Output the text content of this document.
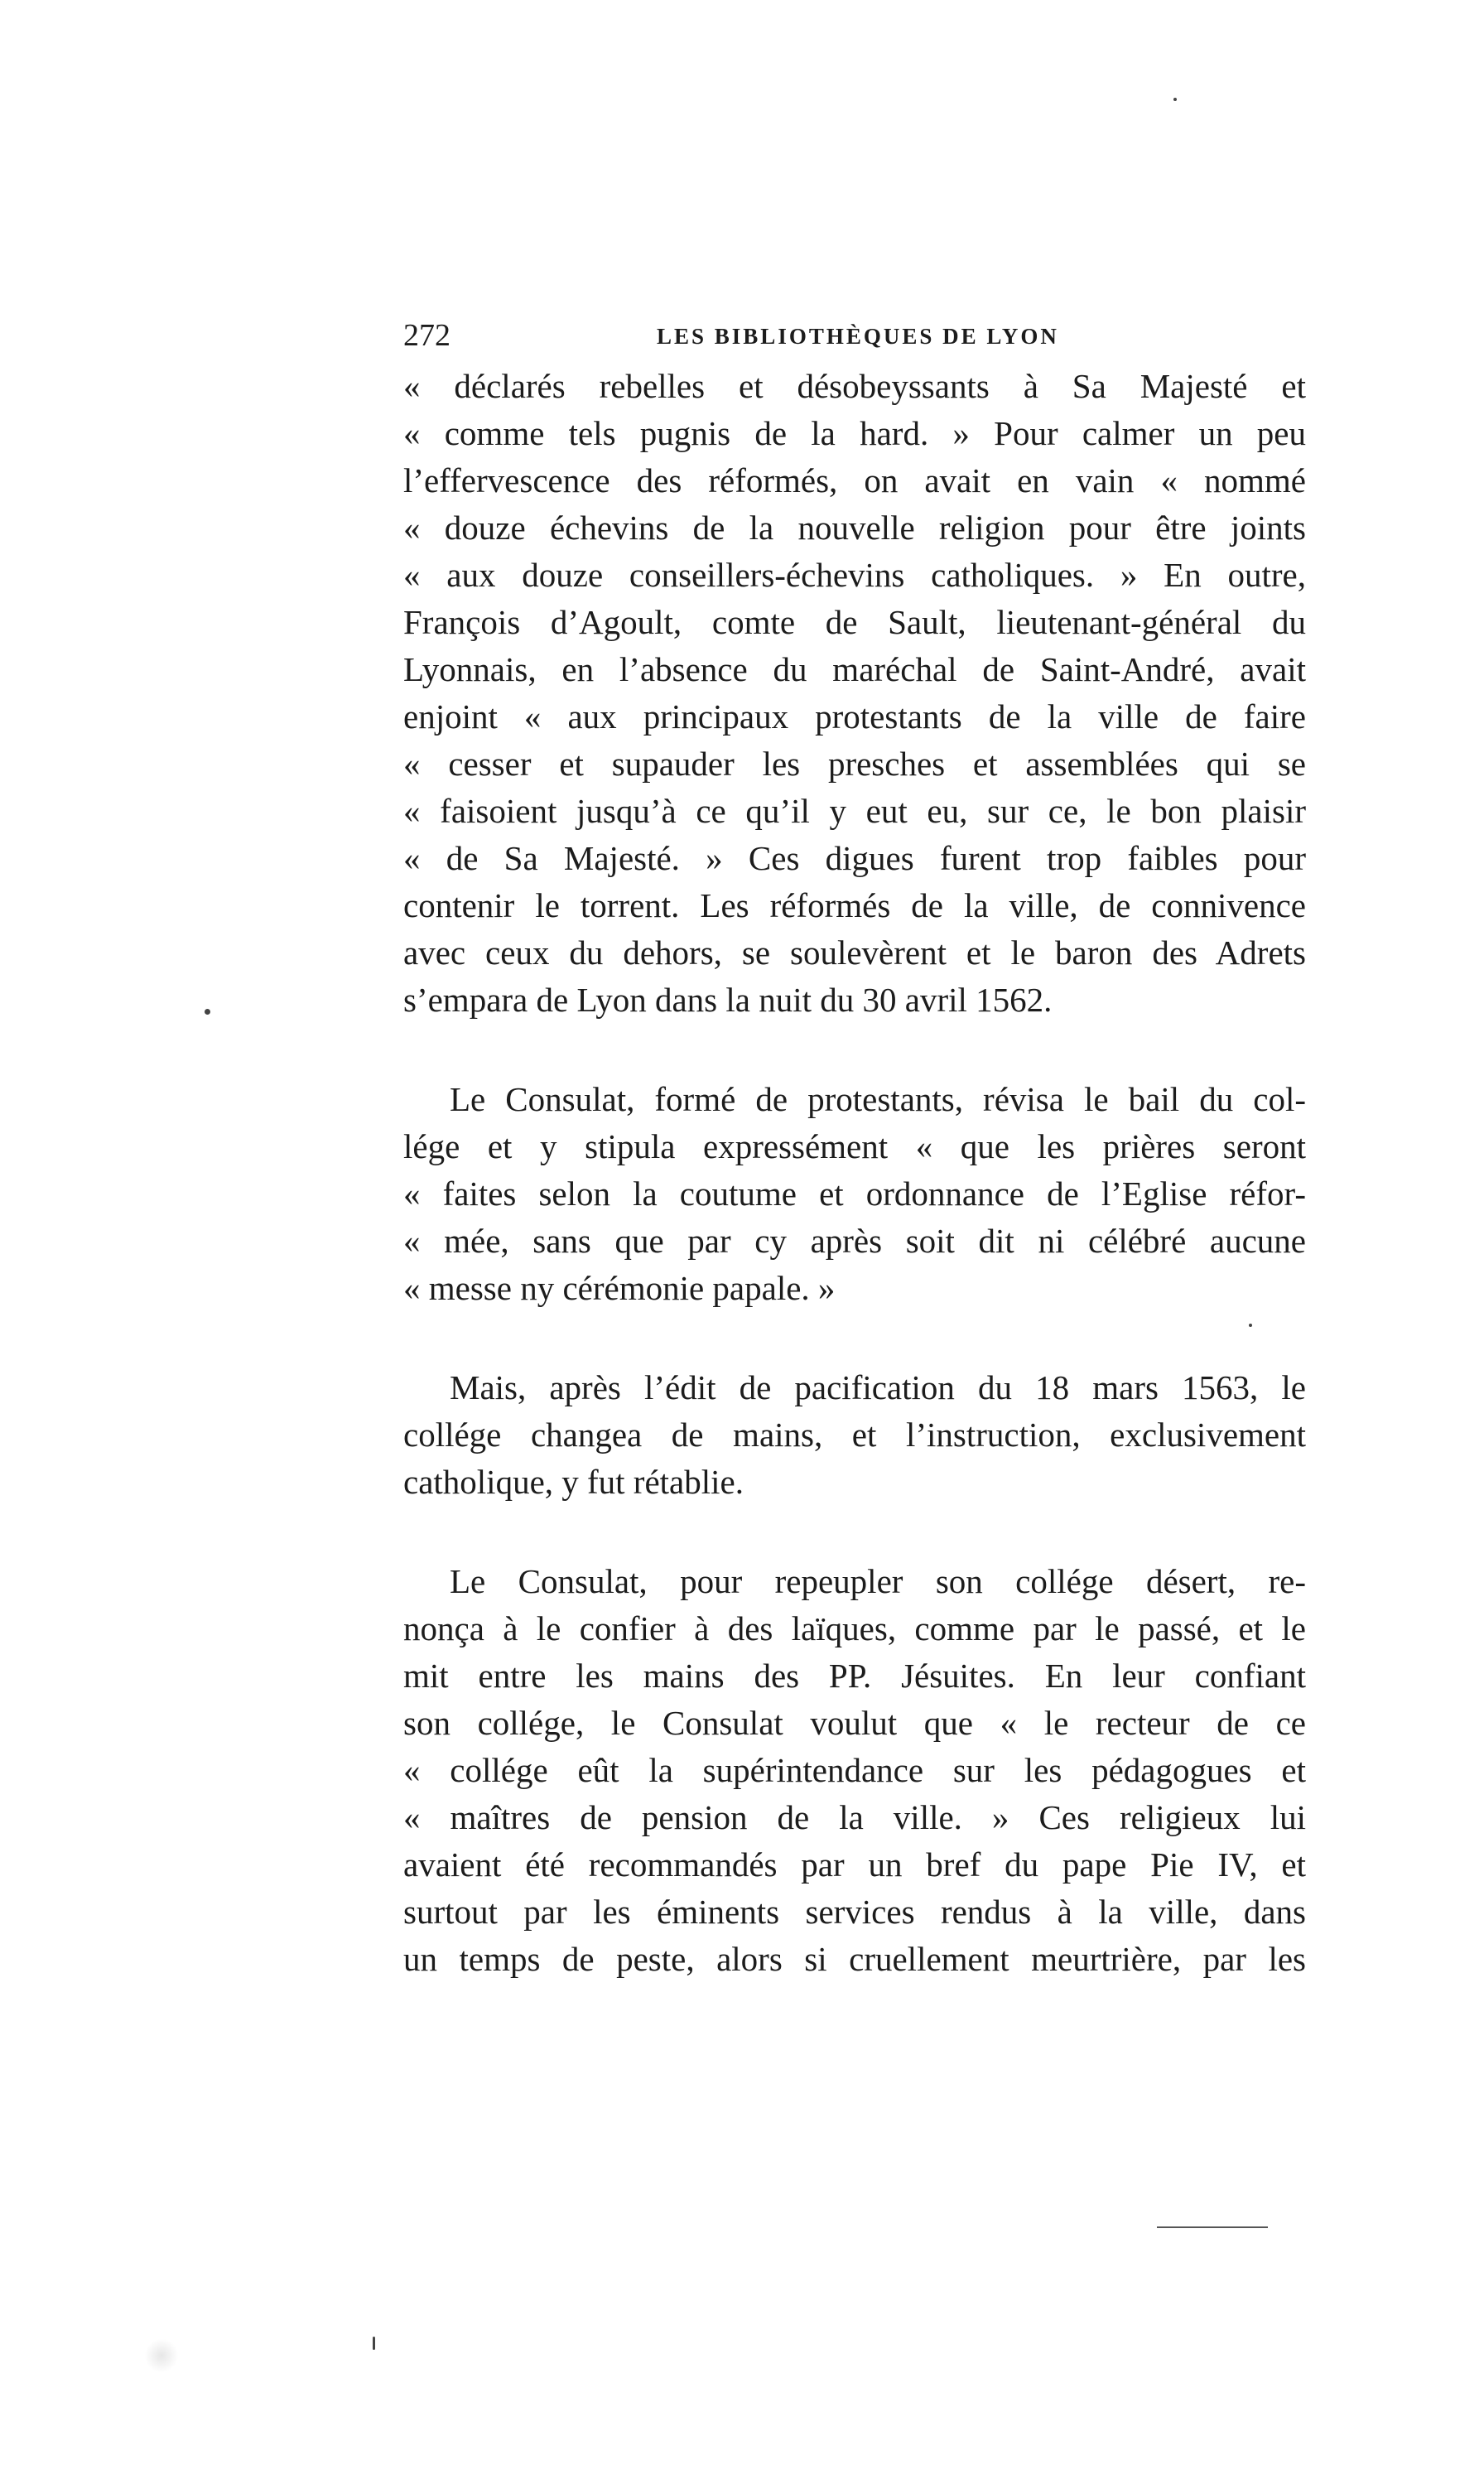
272	LES BIBLIOTHÈQUES DE LYON
« déclarés rebelles et désobeyssants à Sa Majesté et
« comme tels pugnis de la hard. » Pour calmer un peu
l’effervescence des réformés, on avait en vain « nommé
« douze échevins de la nouvelle religion pour être joints
« aux douze conseillers-échevins catholiques. » En outre,
François d’Agoult, comte de Sault, lieutenant-général du
Lyonnais, en l’absence du maréchal de Saint-André, avait
enjoint « aux principaux protestants de la ville de faire
« cesser et supauder les presches et assemblées qui se
« faisoient jusqu’à ce qu’il y eut eu, sur ce, le bon plaisir
« de Sa Majesté. » Ces digues furent trop faibles pour
contenir le torrent. Les réformés de la ville, de connivence
avec ceux du dehors, se soulevèrent et le baron des Adrets
s’empara de Lyon dans la nuit du 30 avril 1562.
Le Consulat, formé de protestants, révisa le bail du col-
lége et y stipula expressément « que les prières seront
« faites selon la coutume et ordonnance de l’Eglise réfor-
« mée, sans que par cy après soit dit ni célébré aucune
« messe ny cérémonie papale. »
Mais, après l’édit de pacification du 18 mars 1563, le
collége changea de mains, et l’instruction, exclusivement
catholique, y fut rétablie.
Le Consulat, pour repeupler son collége désert, re-
nonça à le confier à des laïques, comme par le passé, et le
mit entre les mains des PP. Jésuites. En leur confiant
son collége, le Consulat voulut que « le recteur de ce
« collége eût la supérintendance sur les pédagogues et
« maîtres de pension de la ville. » Ces religieux lui
avaient été recommandés par un bref du pape Pie IV, et
surtout par les éminents services rendus à la ville, dans
un temps de peste, alors si cruellement meurtrière, par les
